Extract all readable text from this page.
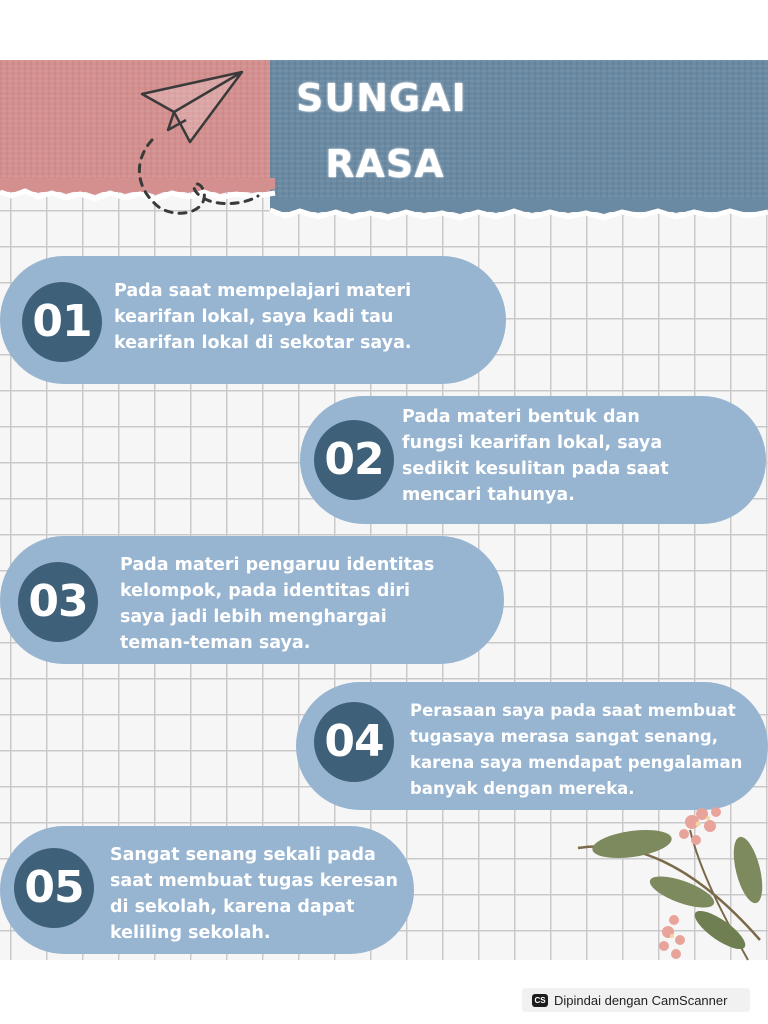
SUNGAI
RASA
01
Pada saat mempelajari materi
kearifan lokal, saya kadi tau
kearifan lokal di sekotar saya.
02
Pada materi bentuk dan
fungsi kearifan lokal, saya
sedikit kesulitan pada saat
mencari tahunya.
03
Pada materi pengaruu identitas
kelompok, pada identitas diri
saya jadi lebih menghargai
teman-teman saya.
04
Perasaan saya pada saat membuat
tugasaya merasa sangat senang,
karena saya mendapat pengalaman
banyak dengan mereka.
05
Sangat senang sekali pada
saat membuat tugas keresan
di sekolah, karena dapat
keliling sekolah.
CS Dipindai dengan CamScanner
